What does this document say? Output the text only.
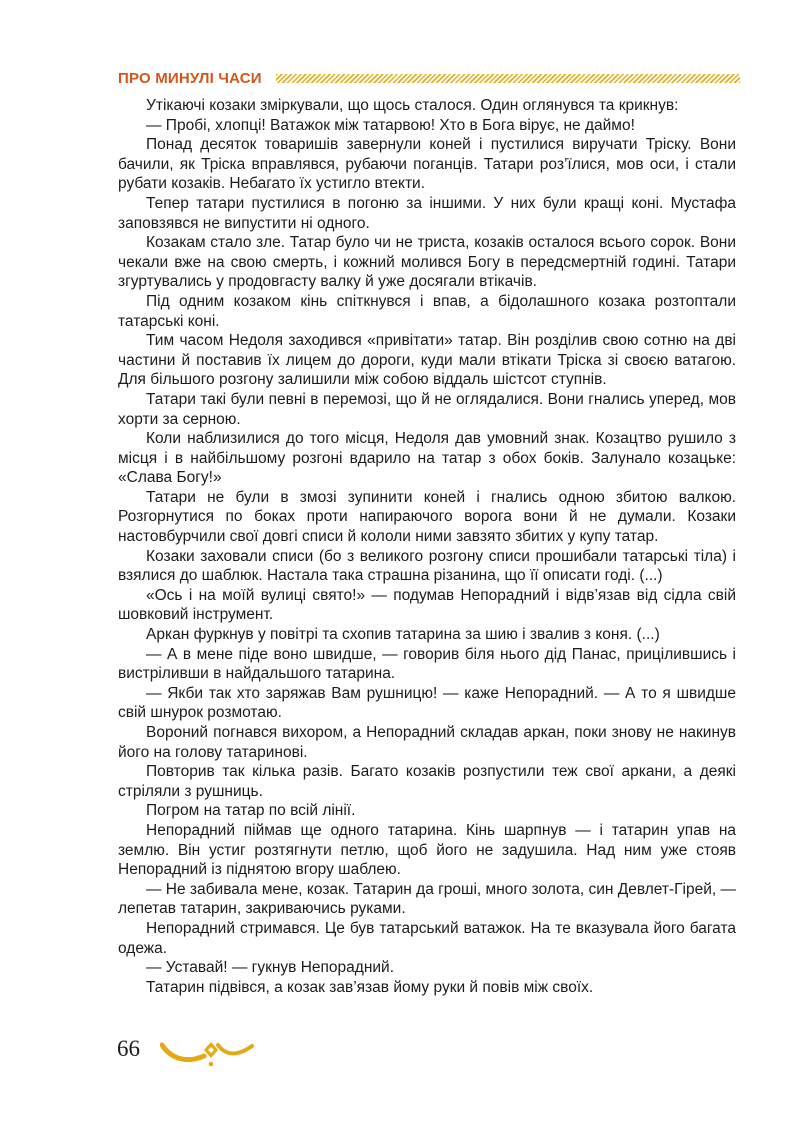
ПРО МИНУЛІ ЧАСИ

Утікаючі козаки зміркували, що щось сталося. Один оглянувся та крикнув:

— Пробі, хлопці! Ватажок між татарвою! Хто в Бога вірує, не даймо!

Понад десяток товаришів завернули коней і пустилися виручати Тріску. Вони бачили, як Тріска вправлявся, рубаючи поганців. Татари роз’їлися, мов оси, і стали рубати козаків. Небагато їх устигло втекти.

Тепер татари пустилися в погоню за іншими. У них були кращі коні. Мустафа заповзявся не випустити ні одного.

Козакам стало зле. Татар було чи не триста, козаків осталося всього сорок. Вони чекали вже на свою смерть, і кожний молився Богу в передсмертній годині. Татари згуртувались у продовгасту валку й уже досягали втікачів.

Під одним козаком кінь спіткнувся і впав, а бідолашного козака розтоптали татарські коні.

Тим часом Недоля заходився «привітати» татар. Він розділив свою сотню на дві частини й поставив їх лицем до дороги, куди мали втікати Тріска зі своєю ватагою. Для більшого розгону залишили між собою віддаль шістсот ступнів.

Татари такі були певні в перемозі, що й не оглядалися. Вони гнались уперед, мов хорти за серною.

Коли наблизилися до того місця, Недоля дав умовний знак. Козацтво рушило з місця і в найбільшому розгоні вдарило на татар з обох боків. Залунало козацьке: «Слава Богу!»

Татари не були в змозі зупинити коней і гнались одною збитою валкою. Розгорнутися по боках проти напираючого ворога вони й не думали. Козаки настовбурчили свої довгі списи й кололи ними завзято збитих у купу татар.

Козаки заховали списи (бо з великого розгону списи прошибали татарські тіла) і взялися до шаблюк. Настала така страшна різанина, що її описати годі. (...)

«Ось і на моїй вулиці свято!» — подумав Непорадний і відв’язав від сідла свій шовковий інструмент.

Аркан фуркнув у повітрі та схопив татарина за шию і звалив з коня. (...)

— А в мене піде воно швидше, — говорив біля нього дід Панас, прицілившись і вистріливши в найдальшого татарина.

— Якби так хто заряжав Вам рушницю! — каже Непорадний. — А то я швидше свій шнурок розмотаю.

Вороний погнався вихором, а Непорадний складав аркан, поки знову не накинув його на голову татаринові.

Повторив так кілька разів. Багато козаків розпустили теж свої аркани, а деякі стріляли з рушниць.

Погром на татар по всій лінії.

Непорадний піймав ще одного татарина. Кінь шарпнув — і татарин упав на землю. Він устиг розтягнути петлю, щоб його не задушила. Над ним уже стояв Непорадний із піднятою вгору шаблею.

— Не забивала мене, козак. Татарин да гроші, много золота, син Девлет-Гірей, — лепетав татарин, закриваючись руками.

Непорадний стримався. Це був татарський ватажок. На те вказувала його багата одежа.

— Уставай! — гукнув Непорадний.

Татарин підвівся, а козак зав’язав йому руки й повів між своїх.

66
